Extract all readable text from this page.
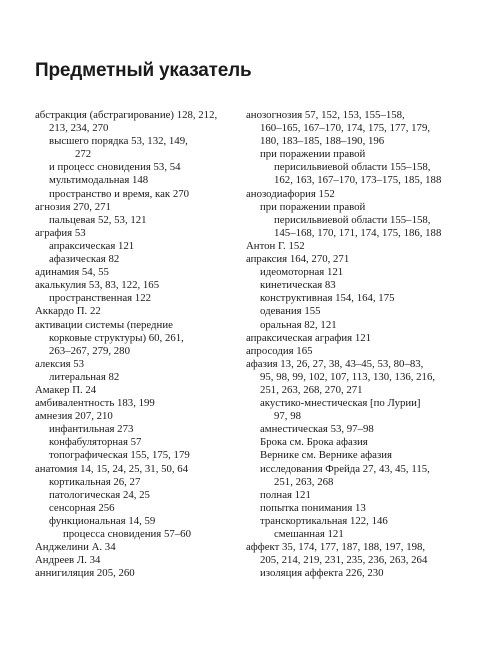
Предметный указатель
абстракция (абстрагирование) 128, 212,
213, 234, 270
высшего порядка 53, 132, 149,
272
и процесс сновидения 53, 54
мультимодальная 148
пространство и время, как 270
агнозия 270, 271
пальцевая 52, 53, 121
аграфия 53
апраксическая 121
афазическая 82
адинамия 54, 55
акалькулия 53, 83, 122, 165
пространственная 122
Аккардо П. 22
активации системы (передние
корковые структуры) 60, 261,
263–267, 279, 280
алексия 53
литеральная 82
Амакер П. 24
амбивалентность 183, 199
амнезия 207, 210
инфантильная 273
конфабуляторная 57
топографическая 155, 175, 179
анатомия 14, 15, 24, 25, 31, 50, 64
кортикальная 26, 27
патологическая 24, 25
сенсорная 256
функциональная 14, 59
процесса сновидения 57–60
Анджелини А. 34
Андреев Л. 34
аннигиляция 205, 260
анозогнозия 57, 152, 153, 155–158,
160–165, 167–170, 174, 175, 177, 179,
180, 183–185, 188–190, 196
при поражении правой
перисильвиевой области 155–158,
162, 163, 167–170, 173–175, 185, 188
анозодиафория 152
при поражении правой
перисильвиевой области 155–158,
145–168, 170, 171, 174, 175, 186, 188
Антон Г. 152
апраксия 164, 270, 271
идеомоторная 121
кинетическая 83
конструктивная 154, 164, 175
одевания 155
оральная 82, 121
апраксическая аграфия 121
апросодия 165
афазия 13, 26, 27, 38, 43–45, 53, 80–83,
95, 98, 99, 102, 107, 113, 130, 136, 216,
251, 263, 268, 270, 271
акустико-мнестическая [по Лурии]
97, 98
амнестическая 53, 97–98
Брока см. Брока афазия
Верникe см. Верникe афазия
исследования Фрейда 27, 43, 45, 115,
251, 263, 268
полная 121
попытка понимания 13
транскортикальная 122, 146
смешанная 121
аффект 35, 174, 177, 187, 188, 197, 198,
205, 214, 219, 231, 235, 236, 263, 264
изоляция аффекта 226, 230
